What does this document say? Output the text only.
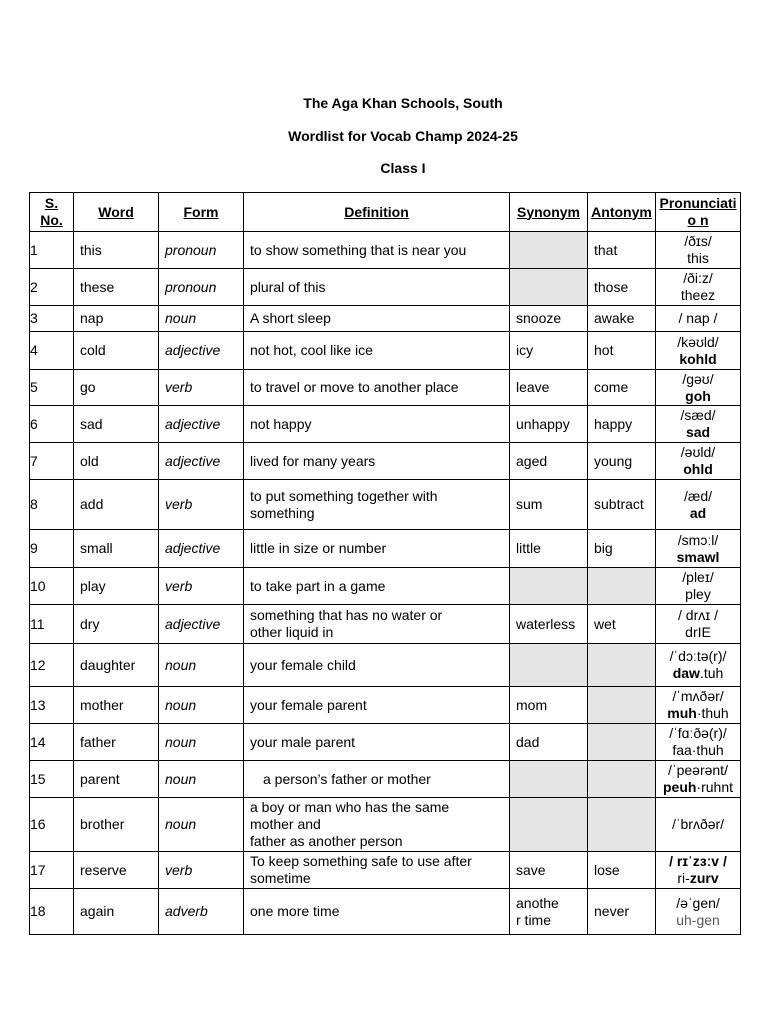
The Aga Khan Schools, South
Wordlist for Vocab Champ 2024-25
Class I
S.
No.	Word	Form	Definition	Synonym	Antonym	Pronunciati
o n

1	this	pronoun	to show something that is near you		that	/ðɪs/
this

2	these	pronoun	plural of this		those	/ði:z/
theez

3	nap	noun	A short sleep	snooze	awake	/ nap /

4	cold	adjective	not hot, cool like ice	icy	hot	/kəʊld/
kohld

5	go	verb	to travel or move to another place	leave	come	/gəʊ/
goh

6	sad	adjective	not happy	unhappy	happy	/sæd/
sad

7	old	adjective	lived for many years	aged	young	/əʊld/
ohld

8	add	verb	to put something together with
something	sum	subtract	/æd/
ad

9	small	adjective	little in size or number	little	big	/smɔːl/
smawl

10	play	verb	to take part in a game			/pleɪ/
pley

11	dry	adjective	something that has no water or
other liquid in	waterless	wet	/ drʌɪ /
drIE

12	daughter	noun	your female child			/ˈdɔːtə(r)/
daw.tuh

13	mother	noun	your female parent	mom		/ˈmʌðər/
muh·thuh

14	father	noun	your male parent	dad		/ˈfɑːðə(r)/
faa·thuh

15	parent	noun	a person’s father or mother			/ˈpeərənt/
peuh·ruhnt

16	brother	noun	a boy or man who has the same
mother and
father as another person			/ˈbrʌðər/

17	reserve	verb	To keep something safe to use after
sometime	save	lose	/ rɪˈzɜːv /
ri-zurv

18	again	adverb	one more time	anothe
r time	never	/əˈgen/
uh-gen
